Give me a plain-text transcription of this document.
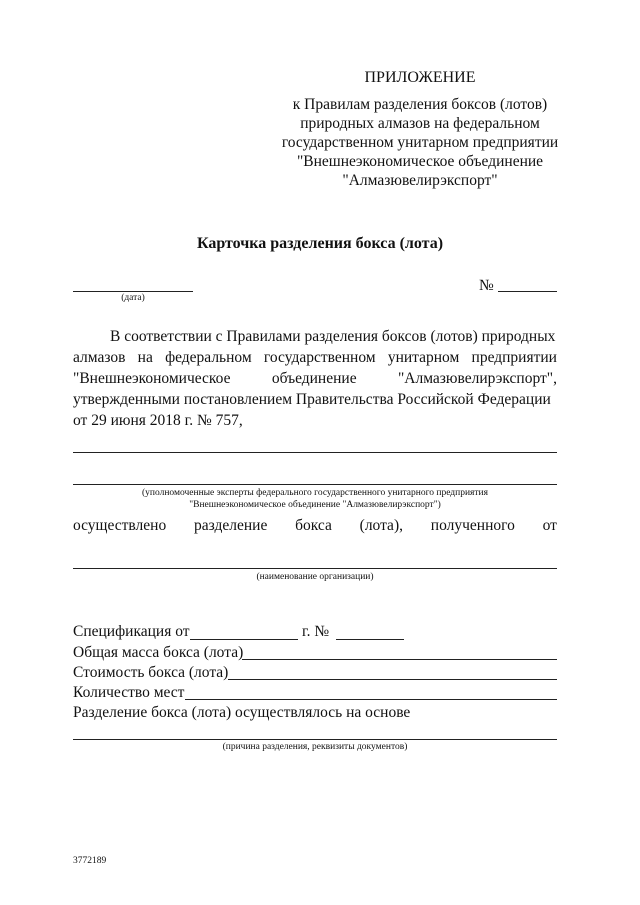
ПРИЛОЖЕНИЕ
к Правилам разделения боксов (лотов)
природных алмазов на федеральном
государственном унитарном предприятии
"Внешнеэкономическое объединение
"Алмазювелирэкспорт"
Карточка разделения бокса (лота)
(дата)
№
В соответствии с Правилами разделения боксов (лотов) природных
алмазов на федеральном государственном унитарном предприятии
"Внешнеэкономическое	объединение	"Алмазювелирэкспорт",
утвержденными постановлением Правительства Российской Федерации
от 29 июня 2018 г. № 757,
(уполномоченные эксперты федерального государственного унитарного предприятия
"Внешнеэкономическое объединение "Алмазювелирэкспорт")
осуществлено разделение бокса (лота), полученного от
(наименование организации)
Спецификация от	г. №
Общая масса бокса (лота)
Стоимость бокса (лота)
Количество мест
Разделение бокса (лота) осуществлялось на основе
(причина разделения, реквизиты документов)
3772189
